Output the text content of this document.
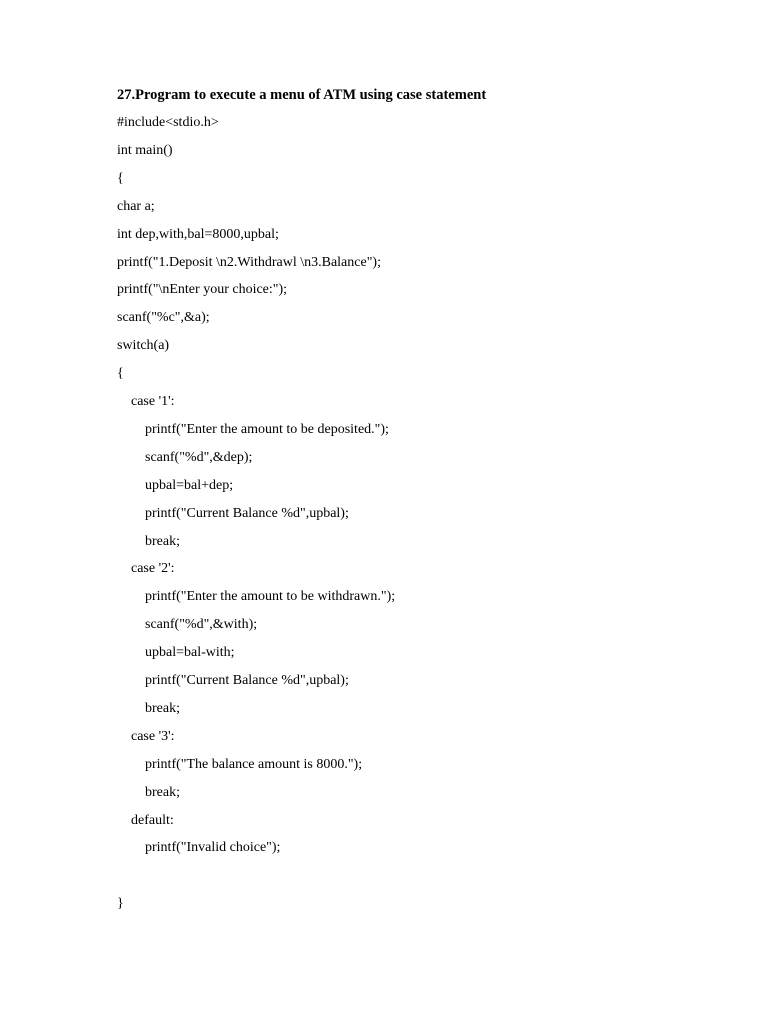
27.Program to execute a menu of ATM using case statement
#include<stdio.h>
int main()
{
char a;
int dep,with,bal=8000,upbal;
printf("1.Deposit \n2.Withdrawl \n3.Balance");
printf("\nEnter your choice:");
scanf("%c",&a);
switch(a)
{
case '1':
printf("Enter the amount to be deposited.");
scanf("%d",&dep);
upbal=bal+dep;
printf("Current Balance %d",upbal);
break;
case '2':
printf("Enter the amount to be withdrawn.");
scanf("%d",&with);
upbal=bal-with;
printf("Current Balance %d",upbal);
break;
case '3':
printf("The balance amount is 8000.");
break;
default:
printf("Invalid choice");
}
